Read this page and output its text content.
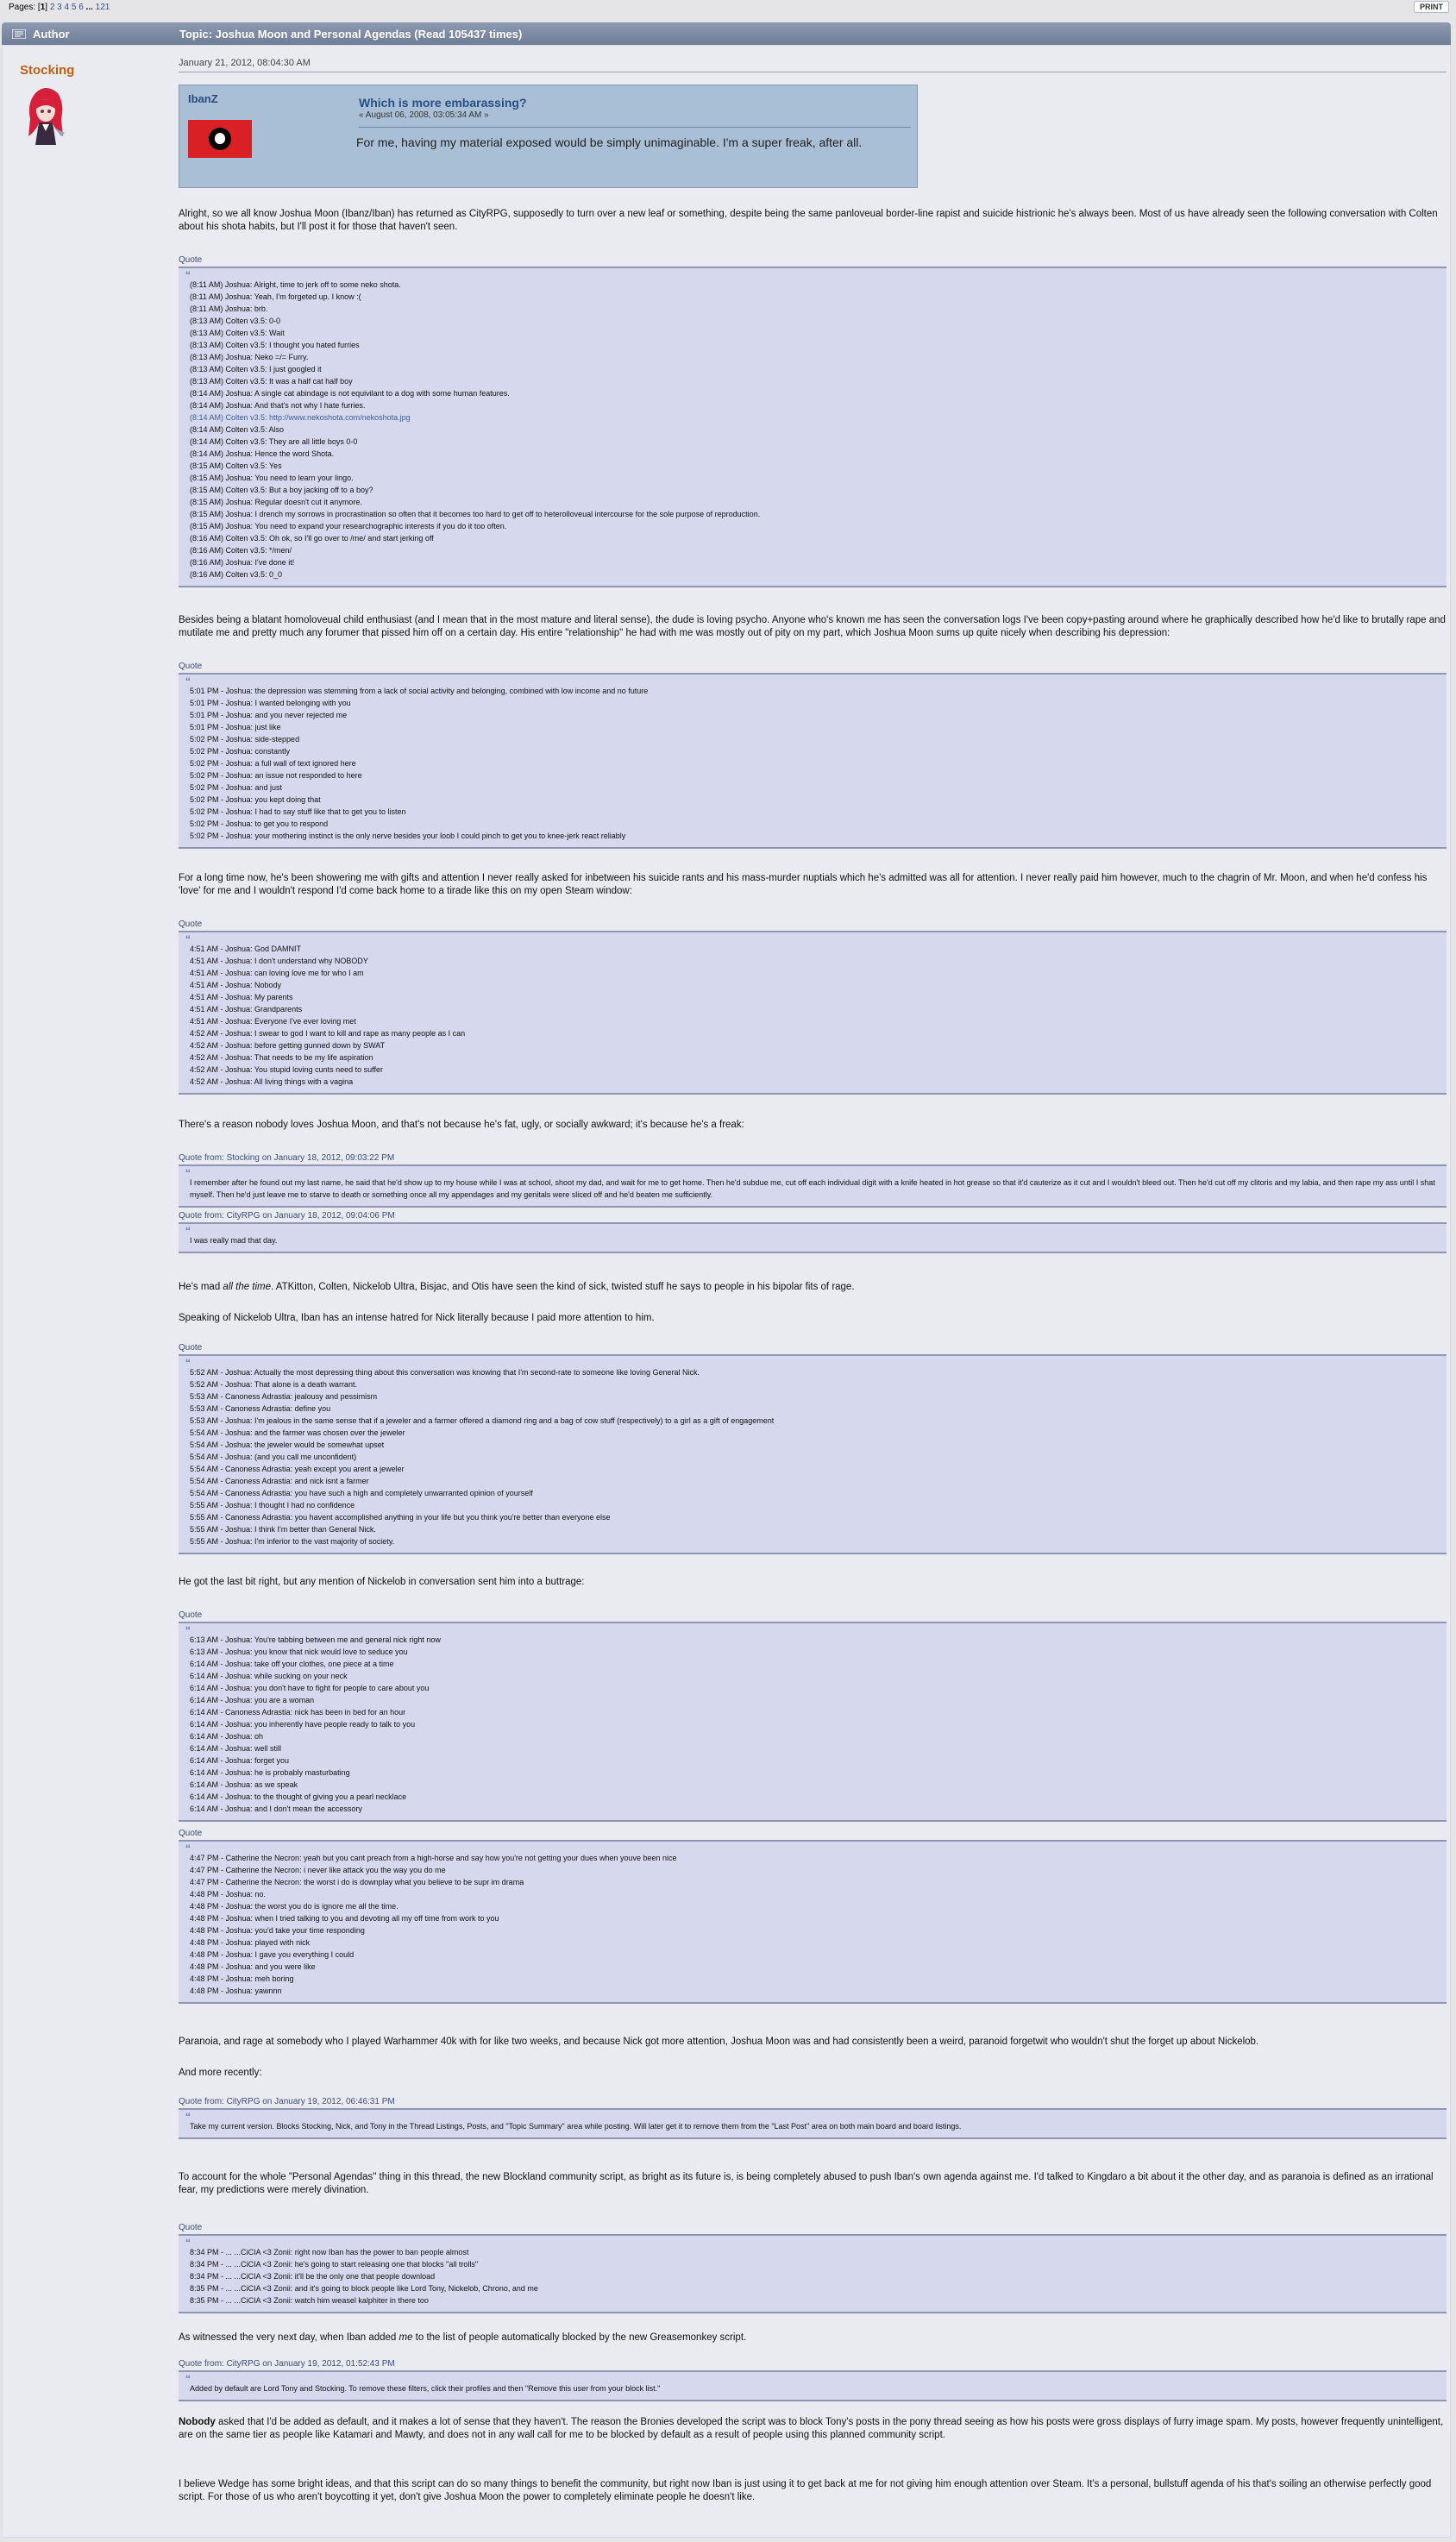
Pages: [1] 2 3 4 5 6 ... 121	PRINT
Author	Topic: Joshua Moon and Personal Agendas (Read 105437 times)
Stocking	January 21, 2012, 08:04:30 AM
IbanZ	Which is more embarassing?
« August 06, 2008, 03:05:34 AM »
For me, having my material exposed would be simply unimaginable. I'm a super freak, after all.

Alright, so we all know Joshua Moon (Ibanz/Iban) has returned as CityRPG, supposedly to turn over a new leaf or something, despite being the same panloveual border-line rapist and suicide histrionic he's always been. Most of us have already seen the following conversation with Colten about his shota habits, but I'll post it for those that haven't seen.

Quote
“
(8:11 AM) Joshua: Alright, time to jerk off to some neko shota.
(8:11 AM) Joshua: Yeah, I'm forgeted up. I know :(
(8:11 AM) Joshua: brb.
(8:13 AM) Colten v3.5: 0-0
(8:13 AM) Colten v3.5: Wait
(8:13 AM) Colten v3.5: I thought you hated furries
(8:13 AM) Joshua: Neko =/= Furry.
(8:13 AM) Colten v3.5: I just googled it
(8:13 AM) Colten v3.5: It was a half cat half boy
(8:14 AM) Joshua: A single cat abindage is not equivilant to a dog with some human features.
(8:14 AM) Joshua: And that's not why I hate furries.
(8:14 AM) Colten v3.5: http://www.nekoshota.com/nekoshota.jpg
(8:14 AM) Colten v3.5: Also
(8:14 AM) Colten v3.5: They are all little boys 0-0
(8:14 AM) Joshua: Hence the word Shota.
(8:15 AM) Colten v3.5: Yes
(8:15 AM) Joshua: You need to learn your lingo.
(8:15 AM) Colten v3.5: But a boy jacking off to a boy?
(8:15 AM) Joshua: Regular doesn't cut it anymore.
(8:15 AM) Joshua: I drench my sorrows in procrastination so often that it becomes too hard to get off to heterolloveual intercourse for the sole purpose of reproduction.
(8:15 AM) Joshua: You need to expand your researchographic interests if you do it too often.
(8:16 AM) Colten v3.5: Oh ok, so I'll go over to /me/ and start jerking off
(8:16 AM) Colten v3.5: */men/
(8:16 AM) Joshua: I've done it!
(8:16 AM) Colten v3.5: 0_0

Besides being a blatant homoloveual child enthusiast (and I mean that in the most mature and literal sense), the dude is loving psycho. Anyone who's known me has seen the conversation logs I've been copy+pasting around where he graphically described how he'd like to brutally rape and mutilate me and pretty much any forumer that pissed him off on a certain day. His entire "relationship" he had with me was mostly out of pity on my part, which Joshua Moon sums up quite nicely when describing his depression:

Quote
“
5:01 PM - Joshua: the depression was stemming from a lack of social activity and belonging, combined with low income and no future
5:01 PM - Joshua: I wanted belonging with you
5:01 PM - Joshua: and you never rejected me
5:01 PM - Joshua: just like
5:02 PM - Joshua: side-stepped
5:02 PM - Joshua: constantly
5:02 PM - Joshua: a full wall of text ignored here
5:02 PM - Joshua: an issue not responded to here
5:02 PM - Joshua: and just
5:02 PM - Joshua: you kept doing that
5:02 PM - Joshua: I had to say stuff like that to get you to listen
5:02 PM - Joshua: to get you to respond
5:02 PM - Joshua: your mothering instinct is the only nerve besides your loob I could pinch to get you to knee-jerk react reliably

For a long time now, he's been showering me with gifts and attention I never really asked for inbetween his suicide rants and his mass-murder nuptials which he's admitted was all for attention. I never really paid him however, much to the chagrin of Mr. Moon, and when he'd confess his 'love' for me and I wouldn't respond I'd come back home to a tirade like this on my open Steam window:

Quote
“
4:51 AM - Joshua: God DAMNIT
4:51 AM - Joshua: I don't understand why NOBODY
4:51 AM - Joshua: can loving love me for who I am
4:51 AM - Joshua: Nobody
4:51 AM - Joshua: My parents
4:51 AM - Joshua: Grandparents
4:51 AM - Joshua: Everyone I've ever loving met
4:52 AM - Joshua: I swear to god I want to kill and rape as many people as I can
4:52 AM - Joshua: before getting gunned down by SWAT
4:52 AM - Joshua: That needs to be my life aspiration
4:52 AM - Joshua: You stupid loving cunts need to suffer
4:52 AM - Joshua: All living things with a vagina

There's a reason nobody loves Joshua Moon, and that's not because he's fat, ugly, or socially awkward; it's because he's a freak:

Quote from: Stocking on January 18, 2012, 09:03:22 PM
“
I remember after he found out my last name, he said that he'd show up to my house while I was at school, shoot my dad, and wait for me to get home. Then he'd subdue me, cut off each individual digit with a knife heated in hot grease so that it'd cauterize as it cut and I wouldn't bleed out. Then he'd cut off my clitoris and my labia, and then rape my ass until I shat myself. Then he'd just leave me to starve to death or something once all my appendages and my genitals were sliced off and he'd beaten me sufficiently.
Quote from: CityRPG on January 18, 2012, 09:04:06 PM
“
I was really mad that day.

He's mad all the time. ATKitton, Colten, Nickelob Ultra, Bisjac, and Otis have seen the kind of sick, twisted stuff he says to people in his bipolar fits of rage.

Speaking of Nickelob Ultra, Iban has an intense hatred for Nick literally because I paid more attention to him.

Quote
“
5:52 AM - Joshua: Actually the most depressing thing about this conversation was knowing that I'm second-rate to someone like loving General Nick.
5:52 AM - Joshua: That alone is a death warrant.
5:53 AM - Canoness Adrastia: jealousy and pessimism
5:53 AM - Canoness Adrastia: define you
5:53 AM - Joshua: I'm jealous in the same sense that if a jeweler and a farmer offered a diamond ring and a bag of cow stuff (respectively) to a girl as a gift of engagement
5:54 AM - Joshua: and the farmer was chosen over the jeweler
5:54 AM - Joshua: the jeweler would be somewhat upset
5:54 AM - Joshua: (and you call me unconfident)
5:54 AM - Canoness Adrastia: yeah except you arent a jeweler
5:54 AM - Canoness Adrastia: and nick isnt a farmer
5:54 AM - Canoness Adrastia: you have such a high and completely unwarranted opinion of yourself
5:55 AM - Joshua: I thought I had no confidence
5:55 AM - Canoness Adrastia: you havent accomplished anything in your life but you think you're better than everyone else
5:55 AM - Joshua: I think I'm better than General Nick.
5:55 AM - Joshua: I'm inferior to the vast majority of society.

He got the last bit right, but any mention of Nickelob in conversation sent him into a buttrage:

Quote
“
6:13 AM - Joshua: You're tabbing between me and general nick right now
6:13 AM - Joshua: you know that nick would love to seduce you
6:14 AM - Joshua: take off your clothes, one piece at a time
6:14 AM - Joshua: while sucking on your neck
6:14 AM - Joshua: you don't have to fight for people to care about you
6:14 AM - Joshua: you are a woman
6:14 AM - Canoness Adrastia: nick has been in bed for an hour
6:14 AM - Joshua: you inherently have people ready to talk to you
6:14 AM - Joshua: oh
6:14 AM - Joshua: well still
6:14 AM - Joshua: forget you
6:14 AM - Joshua: he is probably masturbating
6:14 AM - Joshua: as we speak
6:14 AM - Joshua: to the thought of giving you a pearl necklace
6:14 AM - Joshua: and I don't mean the accessory
Quote
“
4:47 PM - Catherine the Necron: yeah but you cant preach from a high-horse and say how you're not getting your dues when youve been nice
4:47 PM - Catherine the Necron: i never like attack you the way you do me
4:47 PM - Catherine the Necron: the worst i do is downplay what you believe to be supr im drama
4:48 PM - Joshua: no.
4:48 PM - Joshua: the worst you do is ignore me all the time.
4:48 PM - Joshua: when I tried talking to you and devoting all my off time from work to you
4:48 PM - Joshua: you'd take your time responding
4:48 PM - Joshua: played with nick
4:48 PM - Joshua: I gave you everything I could
4:48 PM - Joshua: and you were like
4:48 PM - Joshua: meh boring
4:48 PM - Joshua: yawnnn

Paranoia, and rage at somebody who I played Warhammer 40k with for like two weeks, and because Nick got more attention, Joshua Moon was and had consistently been a weird, paranoid forgetwit who wouldn't shut the forget up about Nickelob.

And more recently:

Quote from: CityRPG on January 19, 2012, 06:46:31 PM
“
Take my current version. Blocks Stocking, Nick, and Tony in the Thread Listings, Posts, and "Topic Summary" area while posting. Will later get it to remove them from the "Last Post" area on both main board and board listings.

To account for the whole "Personal Agendas" thing in this thread, the new Blockland community script, as bright as its future is, is being completely abused to push Iban's own agenda against me. I'd talked to Kingdaro a bit about it the other day, and as paranoia is defined as an irrational fear, my predictions were merely divination.

Quote
“
8:34 PM - ... ...CiCIA <3 Zonii: right now Iban has the power to ban people almost
8:34 PM - ... ...CiCIA <3 Zonii: he's going to start releasing one that blocks "all trolls"
8:34 PM - ... ...CiCIA <3 Zonii: it'll be the only one that people download
8:35 PM - ... ...CiCIA <3 Zonii: and it's going to block people like Lord Tony, Nickelob, Chrono, and me
8:35 PM - ... ...CiCIA <3 Zonii: watch him weasel kalphiter in there too

As witnessed the very next day, when Iban added me to the list of people automatically blocked by the new Greasemonkey script.

Quote from: CityRPG on January 19, 2012, 01:52:43 PM
“
Added by default are Lord Tony and Stocking. To remove these filters, click their profiles and then "Remove this user from your block list."

Nobody asked that I'd be added as default, and it makes a lot of sense that they haven't. The reason the Bronies developed the script was to block Tony's posts in the pony thread seeing as how his posts were gross displays of furry image spam. My posts, however frequently unintelligent, are on the same tier as people like Katamari and Mawty, and does not in any wall call for me to be blocked by default as a result of people using this planned community script.

I believe Wedge has some bright ideas, and that this script can do so many things to benefit the community, but right now Iban is just using it to get back at me for not giving him enough attention over Steam. It's a personal, bullstuff agenda of his that's soiling an otherwise perfectly good script. For those of us who aren't boycotting it yet, don't give Joshua Moon the power to completely eliminate people he doesn't like.
